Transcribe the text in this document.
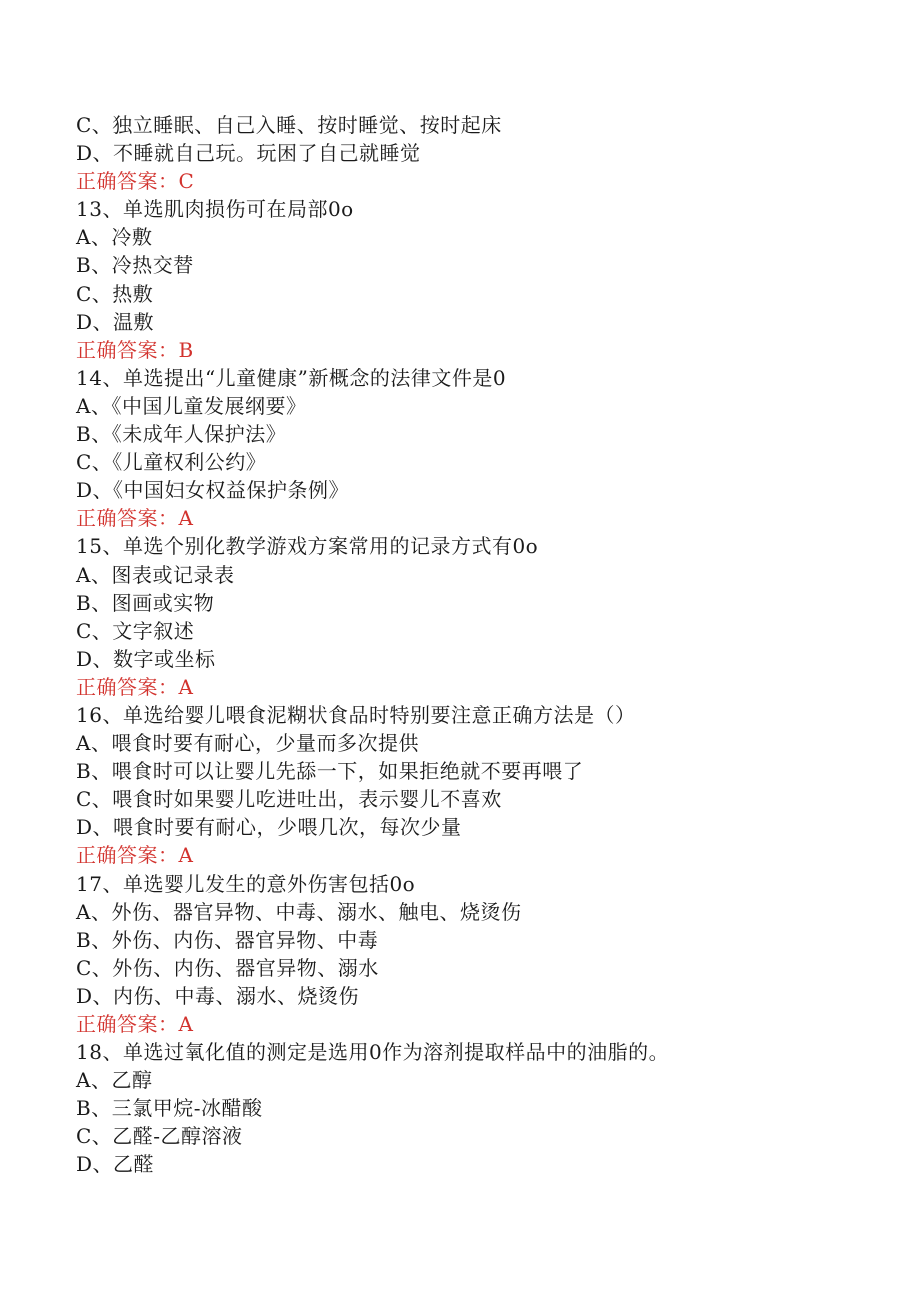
C、独立睡眠、自己入睡、按时睡觉、按时起床
D、不睡就自己玩。玩困了自己就睡觉
正确答案：C
13、单选肌肉损伤可在局部0o
A、冷敷
B、冷热交替
C、热敷
D、温敷
正确答案：B
14、单选提出“儿童健康”新概念的法律文件是0
A、《中国儿童发展纲要》
B、《未成年人保护法》
C、《儿童权利公约》
D、《中国妇女权益保护条例》
正确答案：A
15、单选个别化教学游戏方案常用的记录方式有0o
A、图表或记录表
B、图画或实物
C、文字叙述
D、数字或坐标
正确答案：A
16、单选给婴儿喂食泥糊状食品时特别要注意正确方法是（）
A、喂食时要有耐心，少量而多次提供
B、喂食时可以让婴儿先舔一下，如果拒绝就不要再喂了
C、喂食时如果婴儿吃进吐出，表示婴儿不喜欢
D、喂食时要有耐心，少喂几次，每次少量
正确答案：A
17、单选婴儿发生的意外伤害包括0o
A、外伤、器官异物、中毒、溺水、触电、烧烫伤
B、外伤、内伤、器官异物、中毒
C、外伤、内伤、器官异物、溺水
D、内伤、中毒、溺水、烧烫伤
正确答案：A
18、单选过氧化值的测定是选用0作为溶剂提取样品中的油脂的。
A、乙醇
B、三氯甲烷-冰醋酸
C、乙醛-乙醇溶液
D、乙醛
